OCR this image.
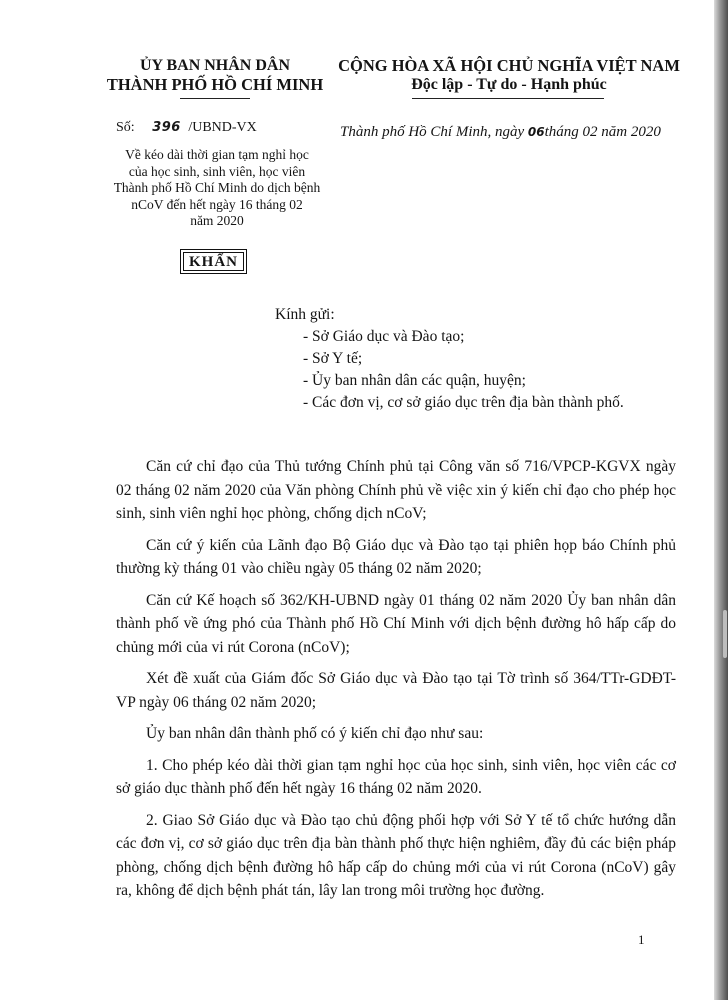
ỦY BAN NHÂN DÂN
THÀNH PHỐ HỒ CHÍ MINH
Số: 396 /UBND-VX
Về kéo dài thời gian tạm nghỉ học
của học sinh, sinh viên, học viên
Thành phố Hồ Chí Minh do dịch bệnh
nCoV đến hết ngày 16 tháng 02
năm 2020
KHẨN
CỘNG HÒA XÃ HỘI CHỦ NGHĨA VIỆT NAM
Độc lập - Tự do - Hạnh phúc
Thành phố Hồ Chí Minh, ngày 06tháng 02 năm 2020
Kính gửi:
- Sở Giáo dục và Đào tạo;
- Sở Y tế;
- Ủy ban nhân dân các quận, huyện;
- Các đơn vị, cơ sở giáo dục trên địa bàn thành phố.

Căn cứ chỉ đạo của Thủ tướng Chính phủ tại Công văn số 716/VPCP-KGVX ngày 02 tháng 02 năm 2020 của Văn phòng Chính phủ về việc xin ý kiến chỉ đạo cho phép học sinh, sinh viên nghỉ học phòng, chống dịch nCoV;

Căn cứ ý kiến của Lãnh đạo Bộ Giáo dục và Đào tạo tại phiên họp báo Chính phủ thường kỳ tháng 01 vào chiều ngày 05 tháng 02 năm 2020;

Căn cứ Kế hoạch số 362/KH-UBND ngày 01 tháng 02 năm 2020 Ủy ban nhân dân thành phố về ứng phó của Thành phố Hồ Chí Minh với dịch bệnh đường hô hấp cấp do chủng mới của vi rút Corona (nCoV);

Xét đề xuất của Giám đốc Sở Giáo dục và Đào tạo tại Tờ trình số 364/TTr-GDĐT-VP ngày 06 tháng 02 năm 2020;

Ủy ban nhân dân thành phố có ý kiến chỉ đạo như sau:

1. Cho phép kéo dài thời gian tạm nghỉ học của học sinh, sinh viên, học viên các cơ sở giáo dục thành phố đến hết ngày 16 tháng 02 năm 2020.

2. Giao Sở Giáo dục và Đào tạo chủ động phối hợp với Sở Y tế tổ chức hướng dẫn các đơn vị, cơ sở giáo dục trên địa bàn thành phố thực hiện nghiêm, đầy đủ các biện pháp phòng, chống dịch bệnh đường hô hấp cấp do chủng mới của vi rút Corona (nCoV) gây ra, không để dịch bệnh phát tán, lây lan trong môi trường học đường.

1
